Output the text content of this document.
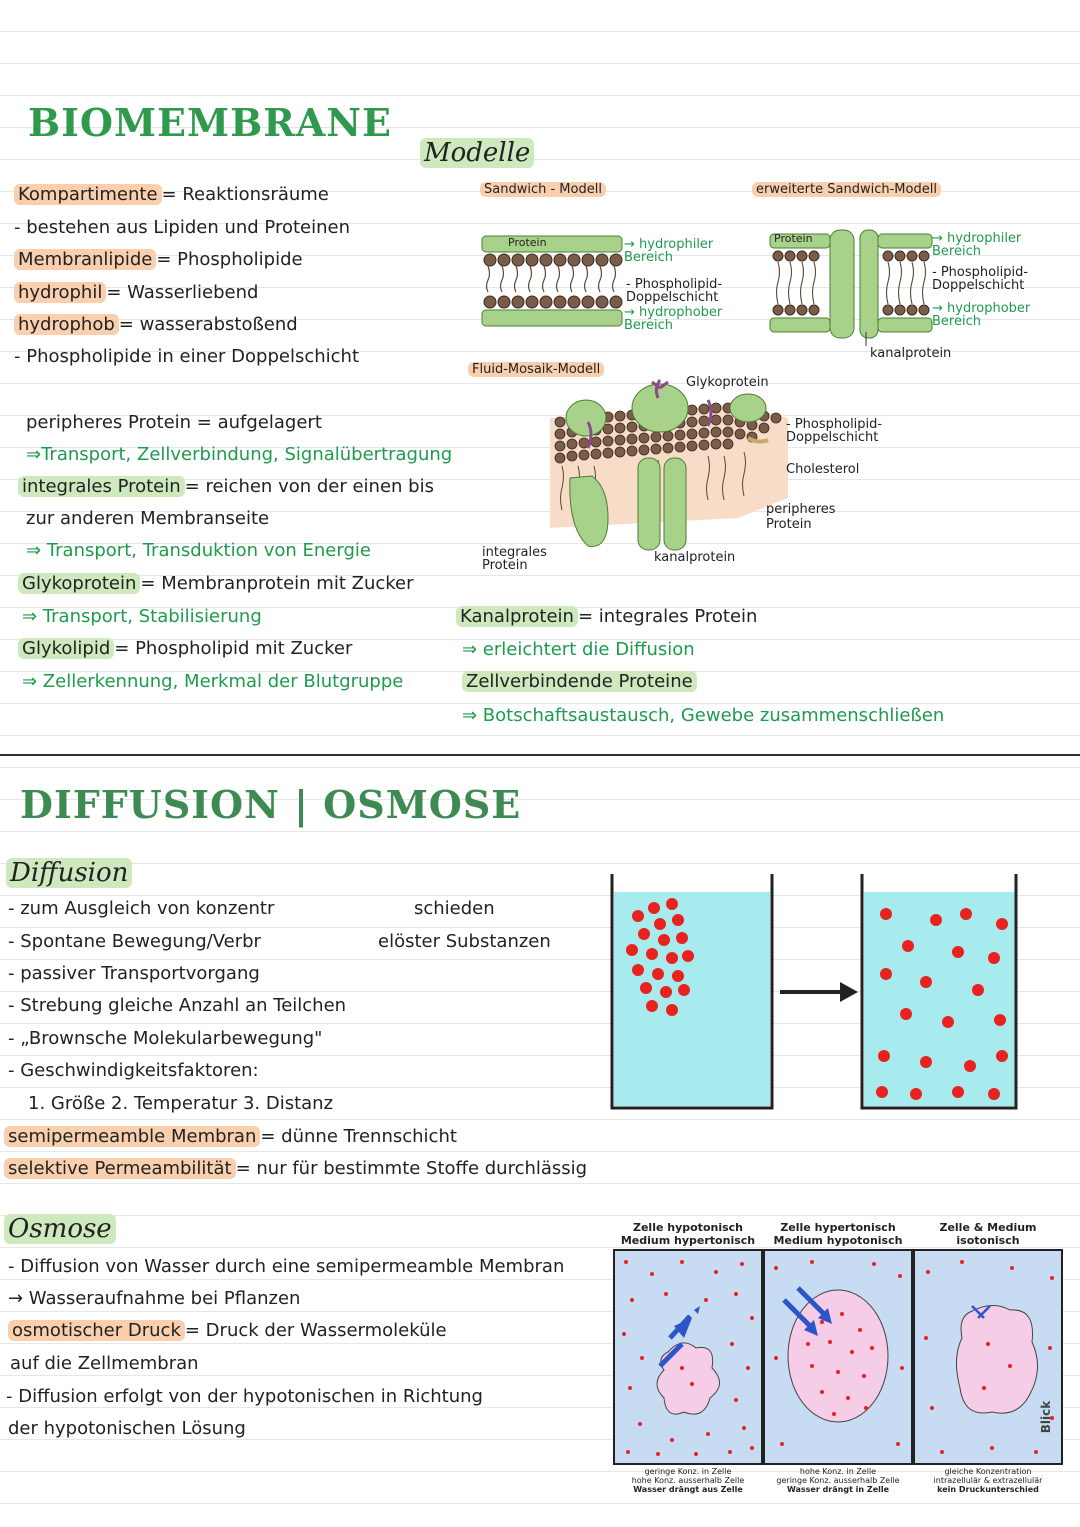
BIOMEMBRANE
Modelle
Kompartimente = Reaktionsräume
- bestehen aus Lipiden und Proteinen
Membranlipide = Phospholipide
hydrophil = Wasserliebend
hydrophob = wasserabstoßend
- Phospholipide in einer Doppelschicht
peripheres Protein = aufgelagert
⇒Transport, Zellverbindung, Signalübertragung
integrales Protein = reichen von der einen bis
zur anderen Membranseite
⇒ Transport, Transduktion von Energie
Glykoprotein = Membranprotein mit Zucker
⇒ Transport, Stabilisierung
Glykolipid = Phospholipid mit Zucker
⇒ Zellerkennung, Merkmal der Blutgruppe
Kanalprotein = integrales Protein
⇒ erleichtert die Diffusion
Zellverbindende Proteine
⇒ Botschaftsaustausch, Gewebe zusammenschließen
Sandwich - Modell
Protein	→ hydrophiler Bereich
- Phospholipid-Doppelschicht
→ hydrophober Bereich
erweiterte Sandwich-Modell
Protein	→ hydrophiler Bereich
- Phospholipid-Doppelschicht
→ hydrophober Bereich
kanalprotein
Fluid-Mosaik-Modell
Glykoprotein
- Phospholipid-Doppelschicht
Cholesterol
peripheres Protein
integrales Protein
kanalprotein
DIFFUSION | OSMOSE
Diffusion
- zum Ausgleich von konzentr	schieden
- Spontane Bewegung/Verbr	elöster Substanzen
- passiver Transportvorgang
- Strebung gleiche Anzahl an Teilchen
- „Brownsche Molekularbewegung"
- Geschwindigkeitsfaktoren:
1. Größe 2. Temperatur 3. Distanz
semipermeamble Membran = dünne Trennschicht
selektive Permeambilität = nur für bestimmte Stoffe durchlässig
Osmose
- Diffusion von Wasser durch eine semipermeamble Membran
→ Wasseraufnahme bei Pflanzen
osmotischer Druck = Druck der Wassermoleküle
auf die Zellmembran
- Diffusion erfolgt von der hypotonischen in Richtung
der hypotonischen Lösung
Zelle hypotonisch
Medium hypertonisch
Zelle hypertonisch
Medium hypotonisch
Zelle & Medium
isotonisch
geringe Konz. in Zelle
hohe Konz. ausserhalb Zelle
Wasser drängt aus Zelle
hohe Konz. in Zelle
geringe Konz. ausserhalb Zelle
Wasser drängt in Zelle
gleiche Konzentration
intrazellulär & extrazellulär
kein Druckunterschied
Blick
